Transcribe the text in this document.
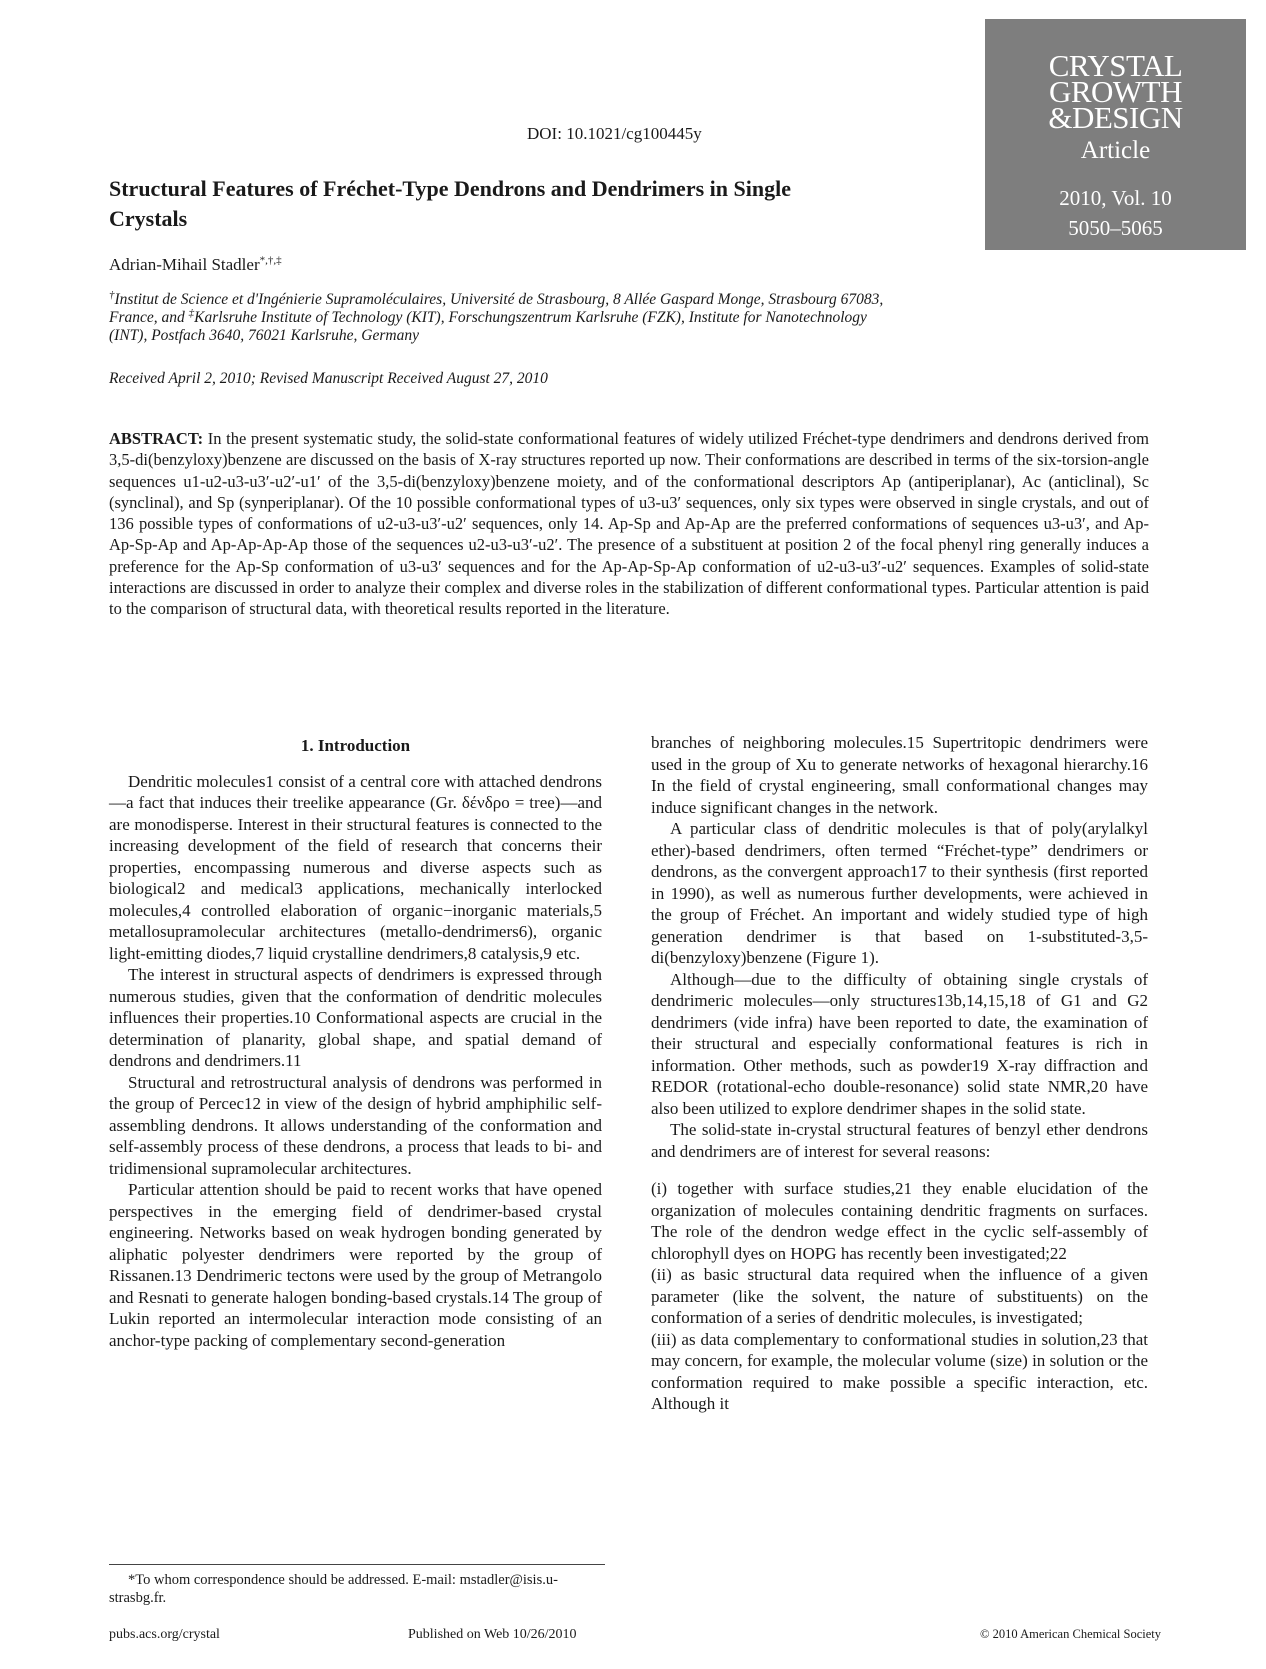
CRYSTAL
GROWTH
&DESIGN
Article
2010, Vol. 10
5050–5065
DOI: 10.1021/cg100445y
Structural Features of Fréchet-Type Dendrons and Dendrimers in Single Crystals
Adrian-Mihail Stadler*,†,‡
†Institut de Science et d'Ingénierie Supramoléculaires, Université de Strasbourg, 8 Allée Gaspard Monge, Strasbourg 67083, France, and ‡Karlsruhe Institute of Technology (KIT), Forschungszentrum Karlsruhe (FZK), Institute for Nanotechnology (INT), Postfach 3640, 76021 Karlsruhe, Germany
Received April 2, 2010; Revised Manuscript Received August 27, 2010
ABSTRACT: In the present systematic study, the solid-state conformational features of widely utilized Fréchet-type dendrimers and dendrons derived from 3,5-di(benzyloxy)benzene are discussed on the basis of X-ray structures reported up now. Their conformations are described in terms of the six-torsion-angle sequences u1-u2-u3-u3′-u2′-u1′ of the 3,5-di(benzyloxy)benzene moiety, and of the conformational descriptors Ap (antiperiplanar), Ac (anticlinal), Sc (synclinal), and Sp (synperiplanar). Of the 10 possible conformational types of u3-u3′ sequences, only six types were observed in single crystals, and out of 136 possible types of conformations of u2-u3-u3′-u2′ sequences, only 14. Ap-Sp and Ap-Ap are the preferred conformations of sequences u3-u3′, and Ap-Ap-Sp-Ap and Ap-Ap-Ap-Ap those of the sequences u2-u3-u3′-u2′. The presence of a substituent at position 2 of the focal phenyl ring generally induces a preference for the Ap-Sp conformation of u3-u3′ sequences and for the Ap-Ap-Sp-Ap conformation of u2-u3-u3′-u2′ sequences. Examples of solid-state interactions are discussed in order to analyze their complex and diverse roles in the stabilization of different conformational types. Particular attention is paid to the comparison of structural data, with theoretical results reported in the literature.

1. Introduction

Dendritic molecules1 consist of a central core with attached dendrons—a fact that induces their treelike appearance (Gr. δένδρο = tree)—and are monodisperse. Interest in their structural features is connected to the increasing development of the field of research that concerns their properties, encompassing numerous and diverse aspects such as biological2 and medical3 applications, mechanically interlocked molecules,4 controlled elaboration of organic−inorganic materials,5 metallosupramolecular architectures (metallo-dendrimers6), organic light-emitting diodes,7 liquid crystalline dendrimers,8 catalysis,9 etc.

The interest in structural aspects of dendrimers is expressed through numerous studies, given that the conformation of dendritic molecules influences their properties.10 Conformational aspects are crucial in the determination of planarity, global shape, and spatial demand of dendrons and dendrimers.11

Structural and retrostructural analysis of dendrons was performed in the group of Percec12 in view of the design of hybrid amphiphilic self-assembling dendrons. It allows understanding of the conformation and self-assembly process of these dendrons, a process that leads to bi- and tridimensional supramolecular architectures.

Particular attention should be paid to recent works that have opened perspectives in the emerging field of dendrimer-based crystal engineering. Networks based on weak hydrogen bonding generated by aliphatic polyester dendrimers were reported by the group of Rissanen.13 Dendrimeric tectons were used by the group of Metrangolo and Resnati to generate halogen bonding-based crystals.14 The group of Lukin reported an intermolecular interaction mode consisting of an anchor-type packing of complementary second-generation

branches of neighboring molecules.15 Supertritopic dendrimers were used in the group of Xu to generate networks of hexagonal hierarchy.16 In the field of crystal engineering, small conformational changes may induce significant changes in the network.

A particular class of dendritic molecules is that of poly(arylalkyl ether)-based dendrimers, often termed “Fréchet-type” dendrimers or dendrons, as the convergent approach17 to their synthesis (first reported in 1990), as well as numerous further developments, were achieved in the group of Fréchet. An important and widely studied type of high generation dendrimer is that based on 1-substituted-3,5-di(benzyloxy)benzene (Figure 1).

Although—due to the difficulty of obtaining single crystals of dendrimeric molecules—only structures13b,14,15,18 of G1 and G2 dendrimers (vide infra) have been reported to date, the examination of their structural and especially conformational features is rich in information. Other methods, such as powder19 X-ray diffraction and REDOR (rotational-echo double-resonance) solid state NMR,20 have also been utilized to explore dendrimer shapes in the solid state.

The solid-state in-crystal structural features of benzyl ether dendrons and dendrimers are of interest for several reasons:

(i) together with surface studies,21 they enable elucidation of the organization of molecules containing dendritic fragments on surfaces. The role of the dendron wedge effect in the cyclic self-assembly of chlorophyll dyes on HOPG has recently been investigated;22

(ii) as basic structural data required when the influence of a given parameter (like the solvent, the nature of substituents) on the conformation of a series of dendritic molecules, is investigated;

(iii) as data complementary to conformational studies in solution,23 that may concern, for example, the molecular volume (size) in solution or the conformation required to make possible a specific interaction, etc. Although it

*To whom correspondence should be addressed. E-mail: mstadler@isis.u-strasbg.fr.
pubs.acs.org/crystal	Published on Web 10/26/2010	© 2010 American Chemical Society
